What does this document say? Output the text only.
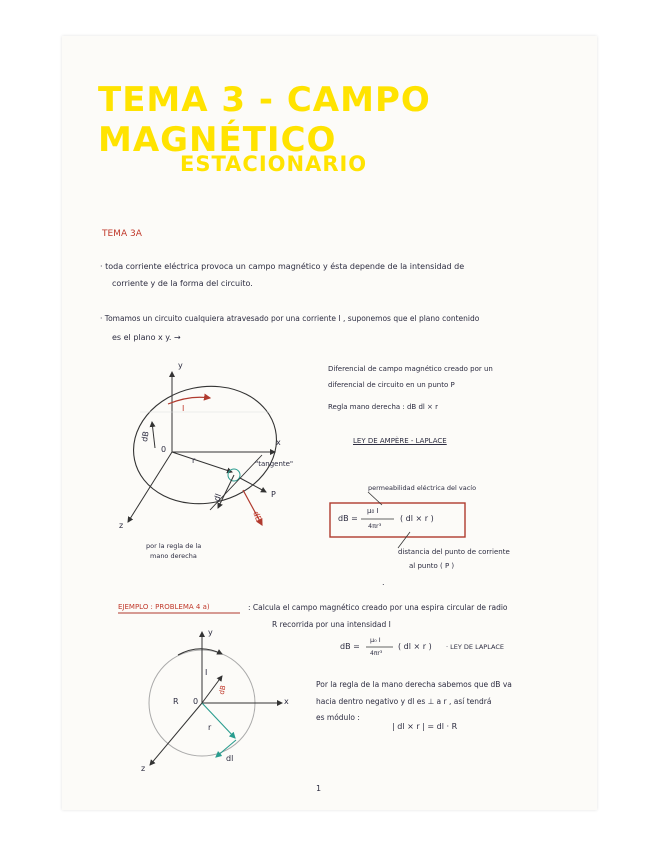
TEMA 3 - CAMPO MAGNÉTICO
ESTACIONARIO
TEMA 3A
· toda corriente eléctrica provoca un campo magnético y ésta depende de la intensidad de
corriente y de la forma del circuito.
· Tomamos un circuito cualquiera atravesado por una corriente I , suponemos que el plano contenido
es el plano x y. →
y
x
z
0
I
dB
r	"tangente"
dl
dB
P
por la regla de la
mano derecha
Diferencial de campo magnético creado por un
diferencial de circuito en un punto P
Regla mano derecha : dB dl × r
LEY DE AMPÈRE - LAPLACE
permeabilidad eléctrica del vacío
dB =
μ₀ I
4πr³
( dl × r )
distancia del punto de corriente
al punto ( P )
.
EJEMPLO : PROBLEMA 4 a)	: Calcula el campo magnético creado por una espira circular de radio
R recorrida por una intensidad I
dB =
μ₀ I
4πr³
( dl × r ) · LEY DE LAPLACE
y
x
z
R 0
I
dB
r
dl
Por la regla de la mano derecha sabemos que dB va
hacia dentro negativo y dl es ⊥ a r , así tendrá
es módulo :
| dl × r | = dl · R
1
